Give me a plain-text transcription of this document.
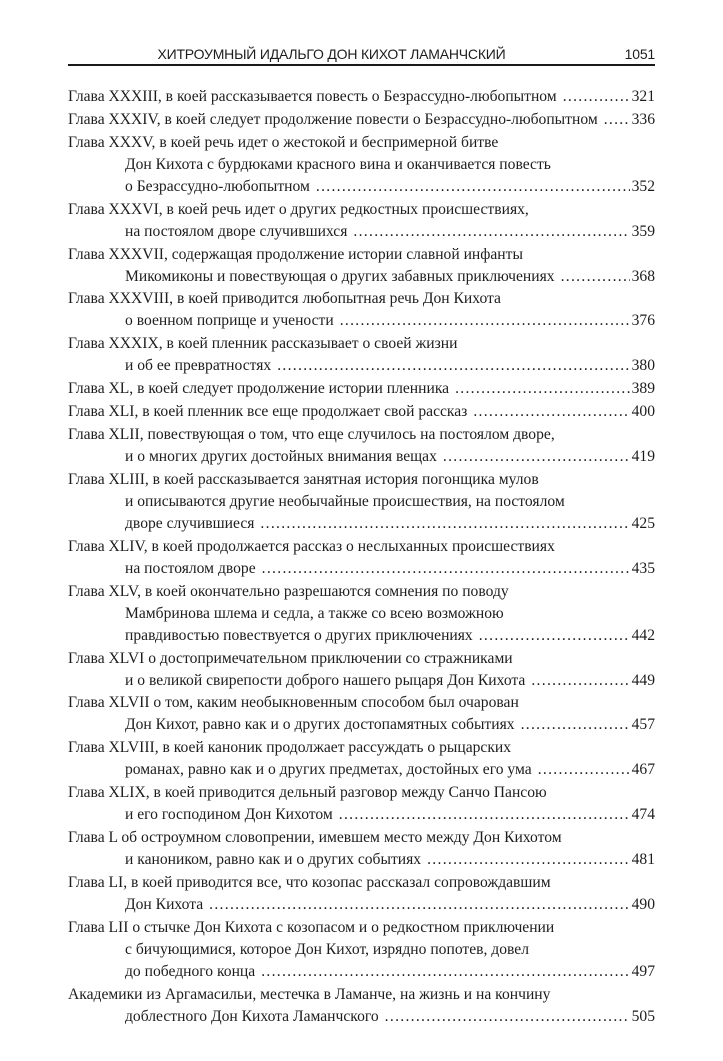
ХИТРОУМНЫЙ ИДАЛЬГО ДОН КИХОТ ЛАМАНЧСКИЙ	1051
Глава XXXIII, в коей рассказывается повесть о Безрассудно-любопытном . . .	321
Глава XXXIV, в коей следует продолжение повести о Безрассудно-любопытном . . . 336
Глава XXXV, в коей речь идет о жестокой и беспримерной битве
Дон Кихота с бурдюками красного вина и оканчивается повесть
о Безрассудно-любопытном . . .	352
Глава XXXVI, в коей речь идет о других редкостных происшествиях,
на постоялом дворе случившихся . . .	359
Глава XXXVII, содержащая продолжение истории славной инфанты
Микомиконы и повествующая о других забавных приключениях . . .	368
Глава XXXVIII, в коей приводится любопытная речь Дон Кихота
о военном поприще и учености . . .	376
Глава XXXIX, в коей пленник рассказывает о своей жизни
и об ее превратностях . . .	380
Глава XL, в коей следует продолжение истории пленника . . .	389
Глава XLI, в коей пленник все еще продолжает свой рассказ . . .	400
Глава XLII, повествующая о том, что еще случилось на постоялом дворе,
и о многих других достойных внимания вещах . . .	419
Глава XLIII, в коей рассказывается занятная история погонщика мулов
и описываются другие необычайные происшествия, на постоялом
дворе случившиеся . . .	425
Глава XLIV, в коей продолжается рассказ о неслыханных происшествиях
на постоялом дворе . . .	435
Глава XLV, в коей окончательно разрешаются сомнения по поводу
Мамбринова шлема и седла, а также со всею возможною
правдивостью повествуется о других приключениях . . .	442
Глава XLVI о достопримечательном приключении со стражниками
и о великой свирепости доброго нашего рыцаря Дон Кихота . . .	449
Глава XLVII о том, каким необыкновенным способом был очарован
Дон Кихот, равно как и о других достопамятных событиях . . .	457
Глава XLVIII, в коей каноник продолжает рассуждать о рыцарских
романах, равно как и о других предметах, достойных его ума . . .	467
Глава XLIX, в коей приводится дельный разговор между Санчо Пансою
и его господином Дон Кихотом . . .	474
Глава L об остроумном словопрении, имевшем место между Дон Кихотом
и каноником, равно как и о других событиях . . .	481
Глава LI, в коей приводится все, что козопас рассказал сопровождавшим
Дон Кихота . . .	490
Глава LII о стычке Дон Кихота с козопасом и о редкостном приключении
с бичующимися, которое Дон Кихот, изрядно попотев, довел
до победного конца . . .	497
Академики из Аргамасильи, местечка в Ламанче, на жизнь и на кончину
доблестного Дон Кихота Ламанчского . . .	505
